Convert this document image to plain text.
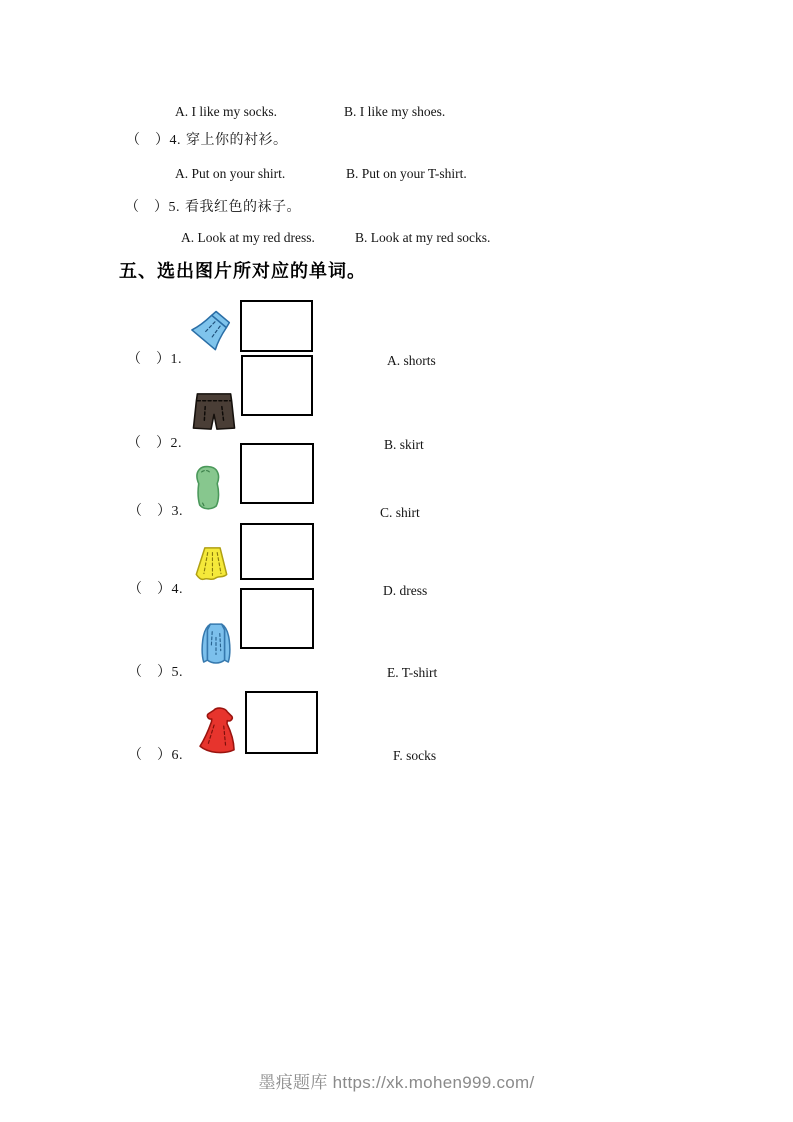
A. I like my socks.	B. I like my shoes.
（　）4. 穿上你的衬衫。
A. Put on your shirt.	B. Put on your T-shirt.
（　）5. 看我红色的袜子。
A. Look at my red dress.	B. Look at my red socks.
五、选出图片所对应的单词。
（　）1.	A. shorts
（　）2.	B. skirt
（　）3.	C. shirt
（　）4.	D. dress
（　）5.	E. T-shirt
（　）6.	F. socks
墨痕题库 https://xk.mohen999.com/
